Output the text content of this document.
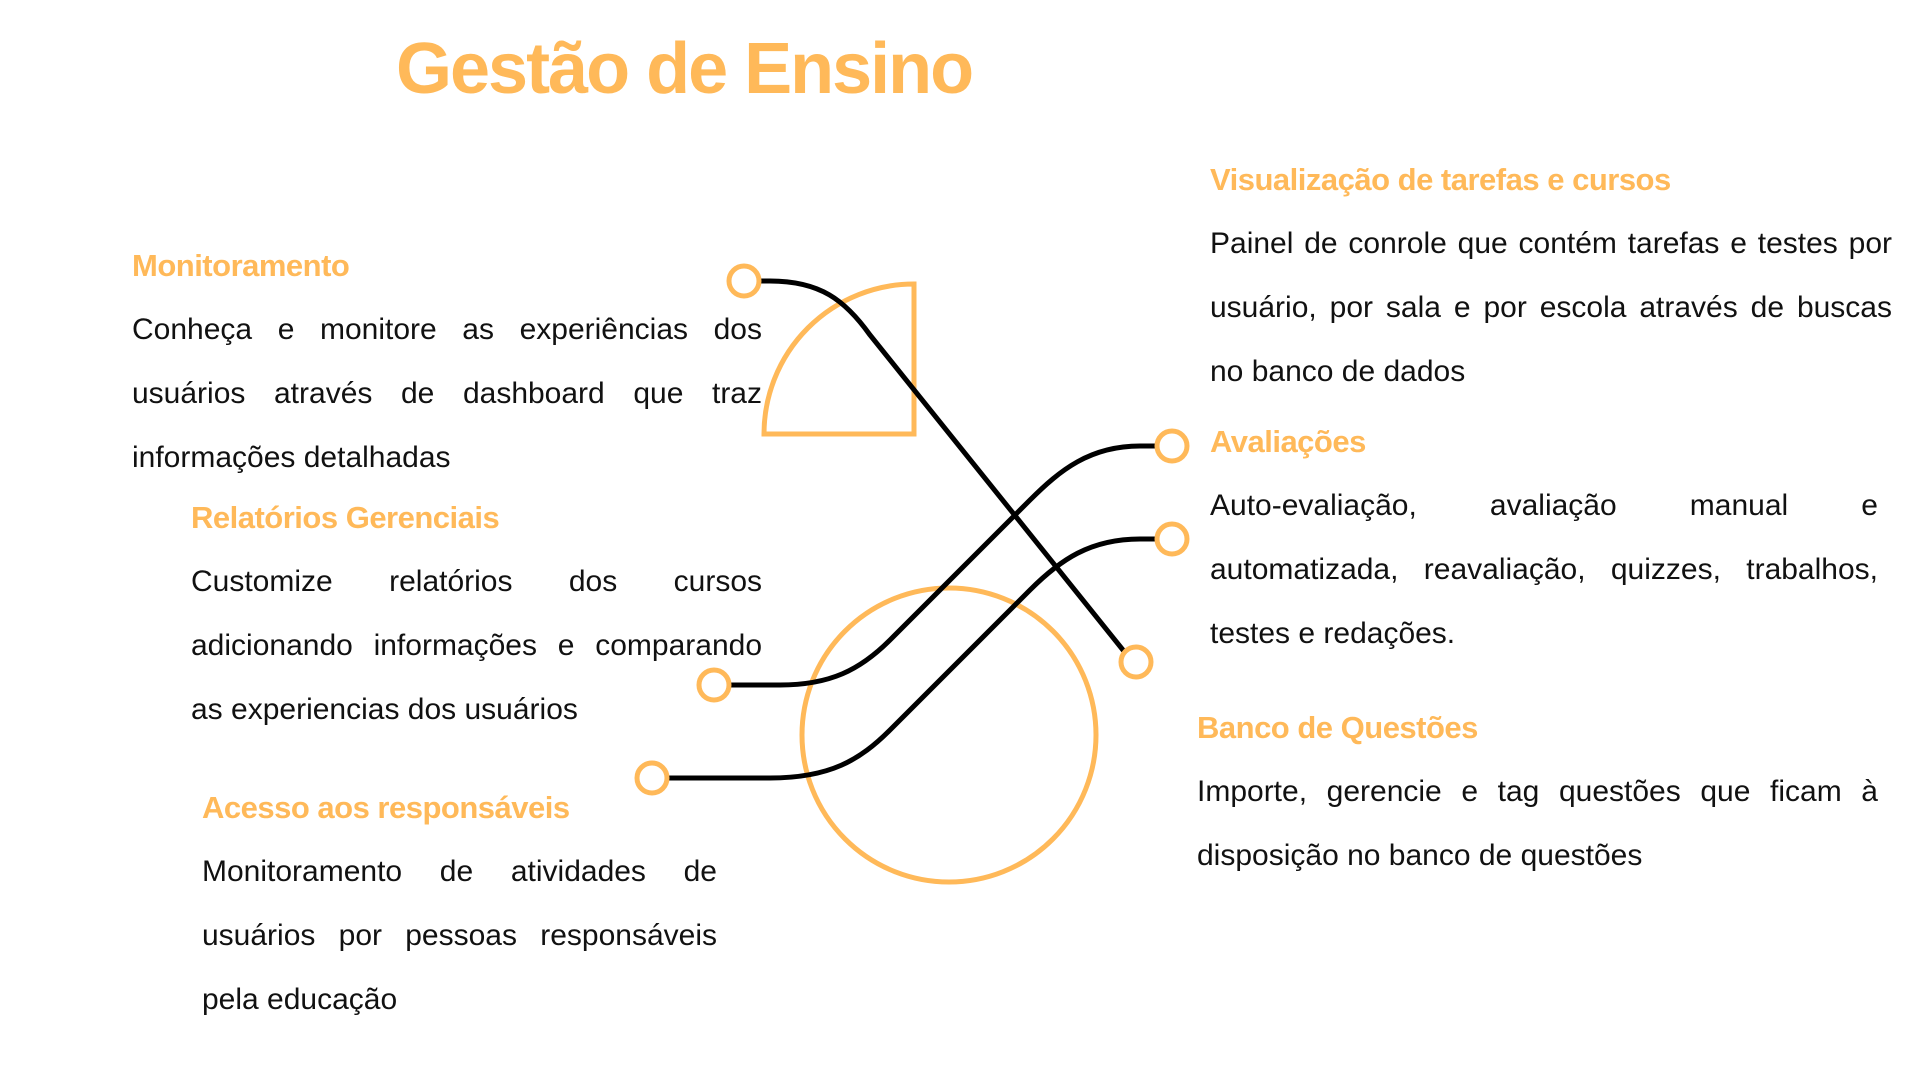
Gestão de Ensino
Monitoramento

Conheça e monitore as experiências dos usuários através de dashboard que traz informações detalhadas

Relatórios Gerenciais

Customize relatórios dos cursos adicionando informações e comparando as experiencias dos usuários

Acesso aos responsáveis

Monitoramento de atividades de usuários por pessoas responsáveis pela educação

Visualização de tarefas e cursos

Painel de conrole que contém tarefas e testes por usuário, por sala e por escola através de buscas no banco de dados

Avaliações

Auto-evaliação, avaliação manual e automatizada, reavaliação, quizzes, trabalhos, testes e redações.

Banco de Questões

Importe, gerencie e tag questões que ficam à disposição no banco de questões
